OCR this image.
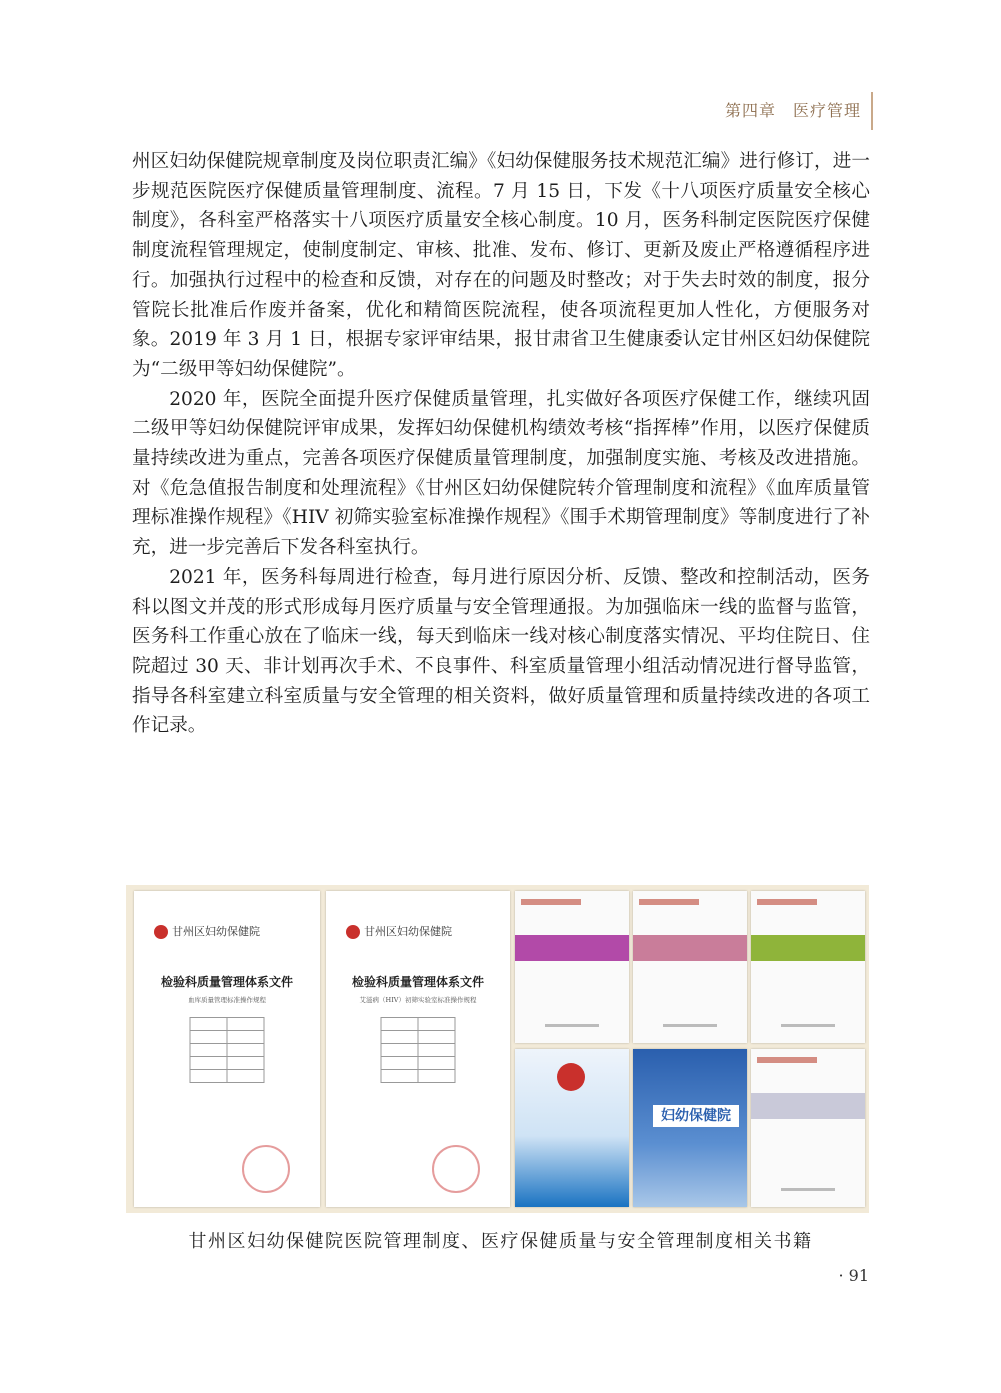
第四章　医疗管理

州区妇幼保健院规章制度及岗位职责汇编》《妇幼保健服务技术规范汇编》进行修订，进一步规范医院医疗保健质量管理制度、流程。7 月 15 日，下发《十八项医疗质量安全核心制度》，各科室严格落实十八项医疗质量安全核心制度。10 月，医务科制定医院医疗保健制度流程管理规定，使制度制定、审核、批准、发布、修订、更新及废止严格遵循程序进行。加强执行过程中的检查和反馈，对存在的问题及时整改；对于失去时效的制度，报分管院长批准后作废并备案，优化和精简医院流程，使各项流程更加人性化，方便服务对象。2019 年 3 月 1 日，根据专家评审结果，报甘肃省卫生健康委认定甘州区妇幼保健院为“二级甲等妇幼保健院”。

2020 年，医院全面提升医疗保健质量管理，扎实做好各项医疗保健工作，继续巩固二级甲等妇幼保健院评审成果，发挥妇幼保健机构绩效考核“指挥棒”作用，以医疗保健质量持续改进为重点，完善各项医疗保健质量管理制度，加强制度实施、考核及改进措施。对《危急值报告制度和处理流程》《甘州区妇幼保健院转介管理制度和流程》《血库质量管理标准操作规程》《HIV 初筛实验室标准操作规程》《围手术期管理制度》等制度进行了补充，进一步完善后下发各科室执行。

2021 年，医务科每周进行检查，每月进行原因分析、反馈、整改和控制活动，医务科以图文并茂的形式形成每月医疗质量与安全管理通报。为加强临床一线的监督与监管，医务科工作重心放在了临床一线，每天到临床一线对核心制度落实情况、平均住院日、住院超过 30 天、非计划再次手术、不良事件、科室质量管理小组活动情况进行督导监管，指导各科室建立科室质量与安全管理的相关资料，做好质量管理和质量持续改进的各项工作记录。

甘州区妇幼保健院
检验科质量管理体系文件
血库质量管理标准操作规程

甘州区妇幼保健院
检验科质量管理体系文件
艾滋病（HIV）初筛实验室标准操作规程

妇幼保健院
甘州区妇幼保健院医院管理制度、医疗保健质量与安全管理制度相关书籍
· 91
